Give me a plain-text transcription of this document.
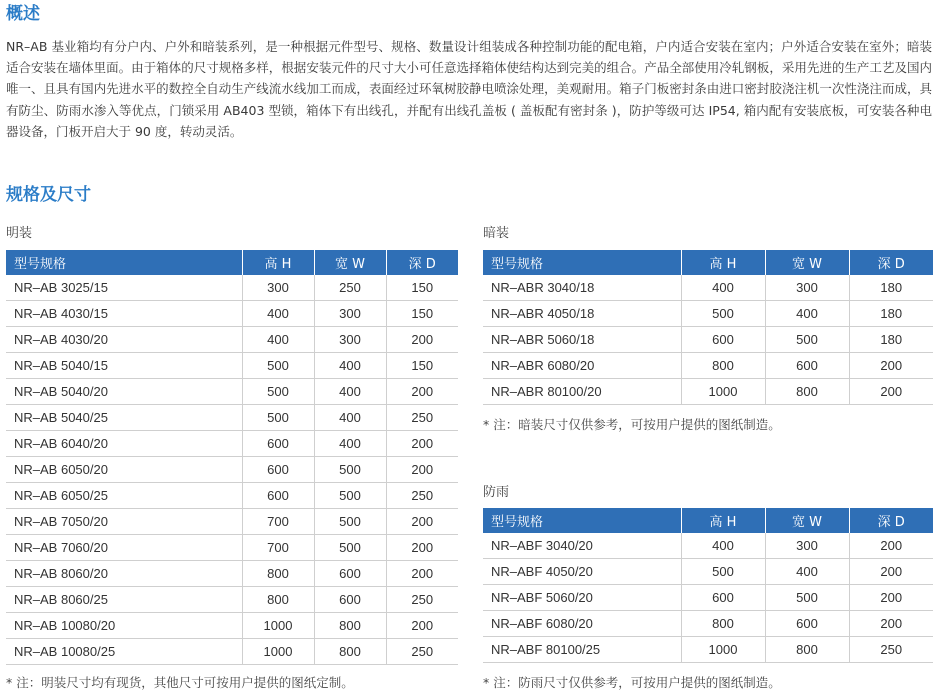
概述

NR–AB 基业箱均有分户内、户外和暗装系列，是一种根据元件型号、规格、数量设计组装成各种控制功能的配电箱，户内适合安装在室内；户外适合安装在室外；暗装适合安装在墙体里面。由于箱体的尺寸规格多样，根据安装元件的尺寸大小可任意选择箱体使结构达到完美的组合。产品全部使用冷轧钢板，采用先进的生产工艺及国内唯一、且具有国内先进水平的数控全自动生产线流水线加工而成，表面经过环氧树胶静电喷涂处理，美观耐用。箱子门板密封条由进口密封胶浇注机一次性浇注而成，具有防尘、防雨水渗入等优点，门锁采用 AB403 型锁，箱体下有出线孔，并配有出线孔盖板 ( 盖板配有密封条 )，防护等级可达 IP54, 箱内配有安装底板，可安装各种电器设备，门板开启大于 90 度，转动灵活。

规格及尺寸
明装
型号规格	高 H	宽 W	深 D
NR–AB 3025/15	300	250	150
NR–AB 4030/15	400	300	150
NR–AB 4030/20	400	300	200
NR–AB 5040/15	500	400	150
NR–AB 5040/20	500	400	200
NR–AB 5040/25	500	400	250
NR–AB 6040/20	600	400	200
NR–AB 6050/20	600	500	200
NR–AB 6050/25	600	500	250
NR–AB 7050/20	700	500	200
NR–AB 7060/20	700	500	200
NR–AB 8060/20	800	600	200
NR–AB 8060/25	800	600	250
NR–AB 10080/20	1000	800	200
NR–AB 10080/25	1000	800	250
* 注：明装尺寸均有现货，其他尺寸可按用户提供的图纸定制。
暗装
型号规格	高 H	宽 W	深 D
NR–ABR 3040/18	400	300	180
NR–ABR 4050/18	500	400	180
NR–ABR 5060/18	600	500	180
NR–ABR 6080/20	800	600	200
NR–ABR 80100/20	1000	800	200
* 注：暗装尺寸仅供参考，可按用户提供的图纸制造。
防雨
型号规格	高 H	宽 W	深 D
NR–ABF 3040/20	400	300	200
NR–ABF 4050/20	500	400	200
NR–ABF 5060/20	600	500	200
NR–ABF 6080/20	800	600	200
NR–ABF 80100/25	1000	800	250
* 注：防雨尺寸仅供参考，可按用户提供的图纸制造。
